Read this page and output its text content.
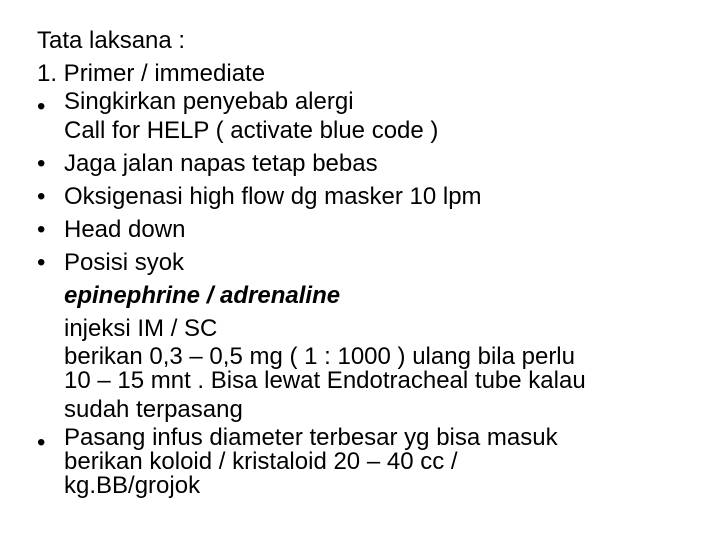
Tata laksana :
1. Primer / immediate
• Singkirkan penyebab alergi
Call for HELP ( activate blue code )
• Jaga jalan napas tetap bebas
• Oksigenasi high flow dg masker 10 lpm
• Head down
• Posisi syok
epinephrine / adrenaline
injeksi IM / SC
berikan 0,3 – 0,5 mg ( 1 : 1000 ) ulang bila perlu
10 – 15 mnt . Bisa lewat Endotracheal tube kalau
sudah terpasang
• Pasang infus diameter terbesar yg bisa masuk
berikan koloid / kristaloid 20 – 40 cc /
kg.BB/grojok
